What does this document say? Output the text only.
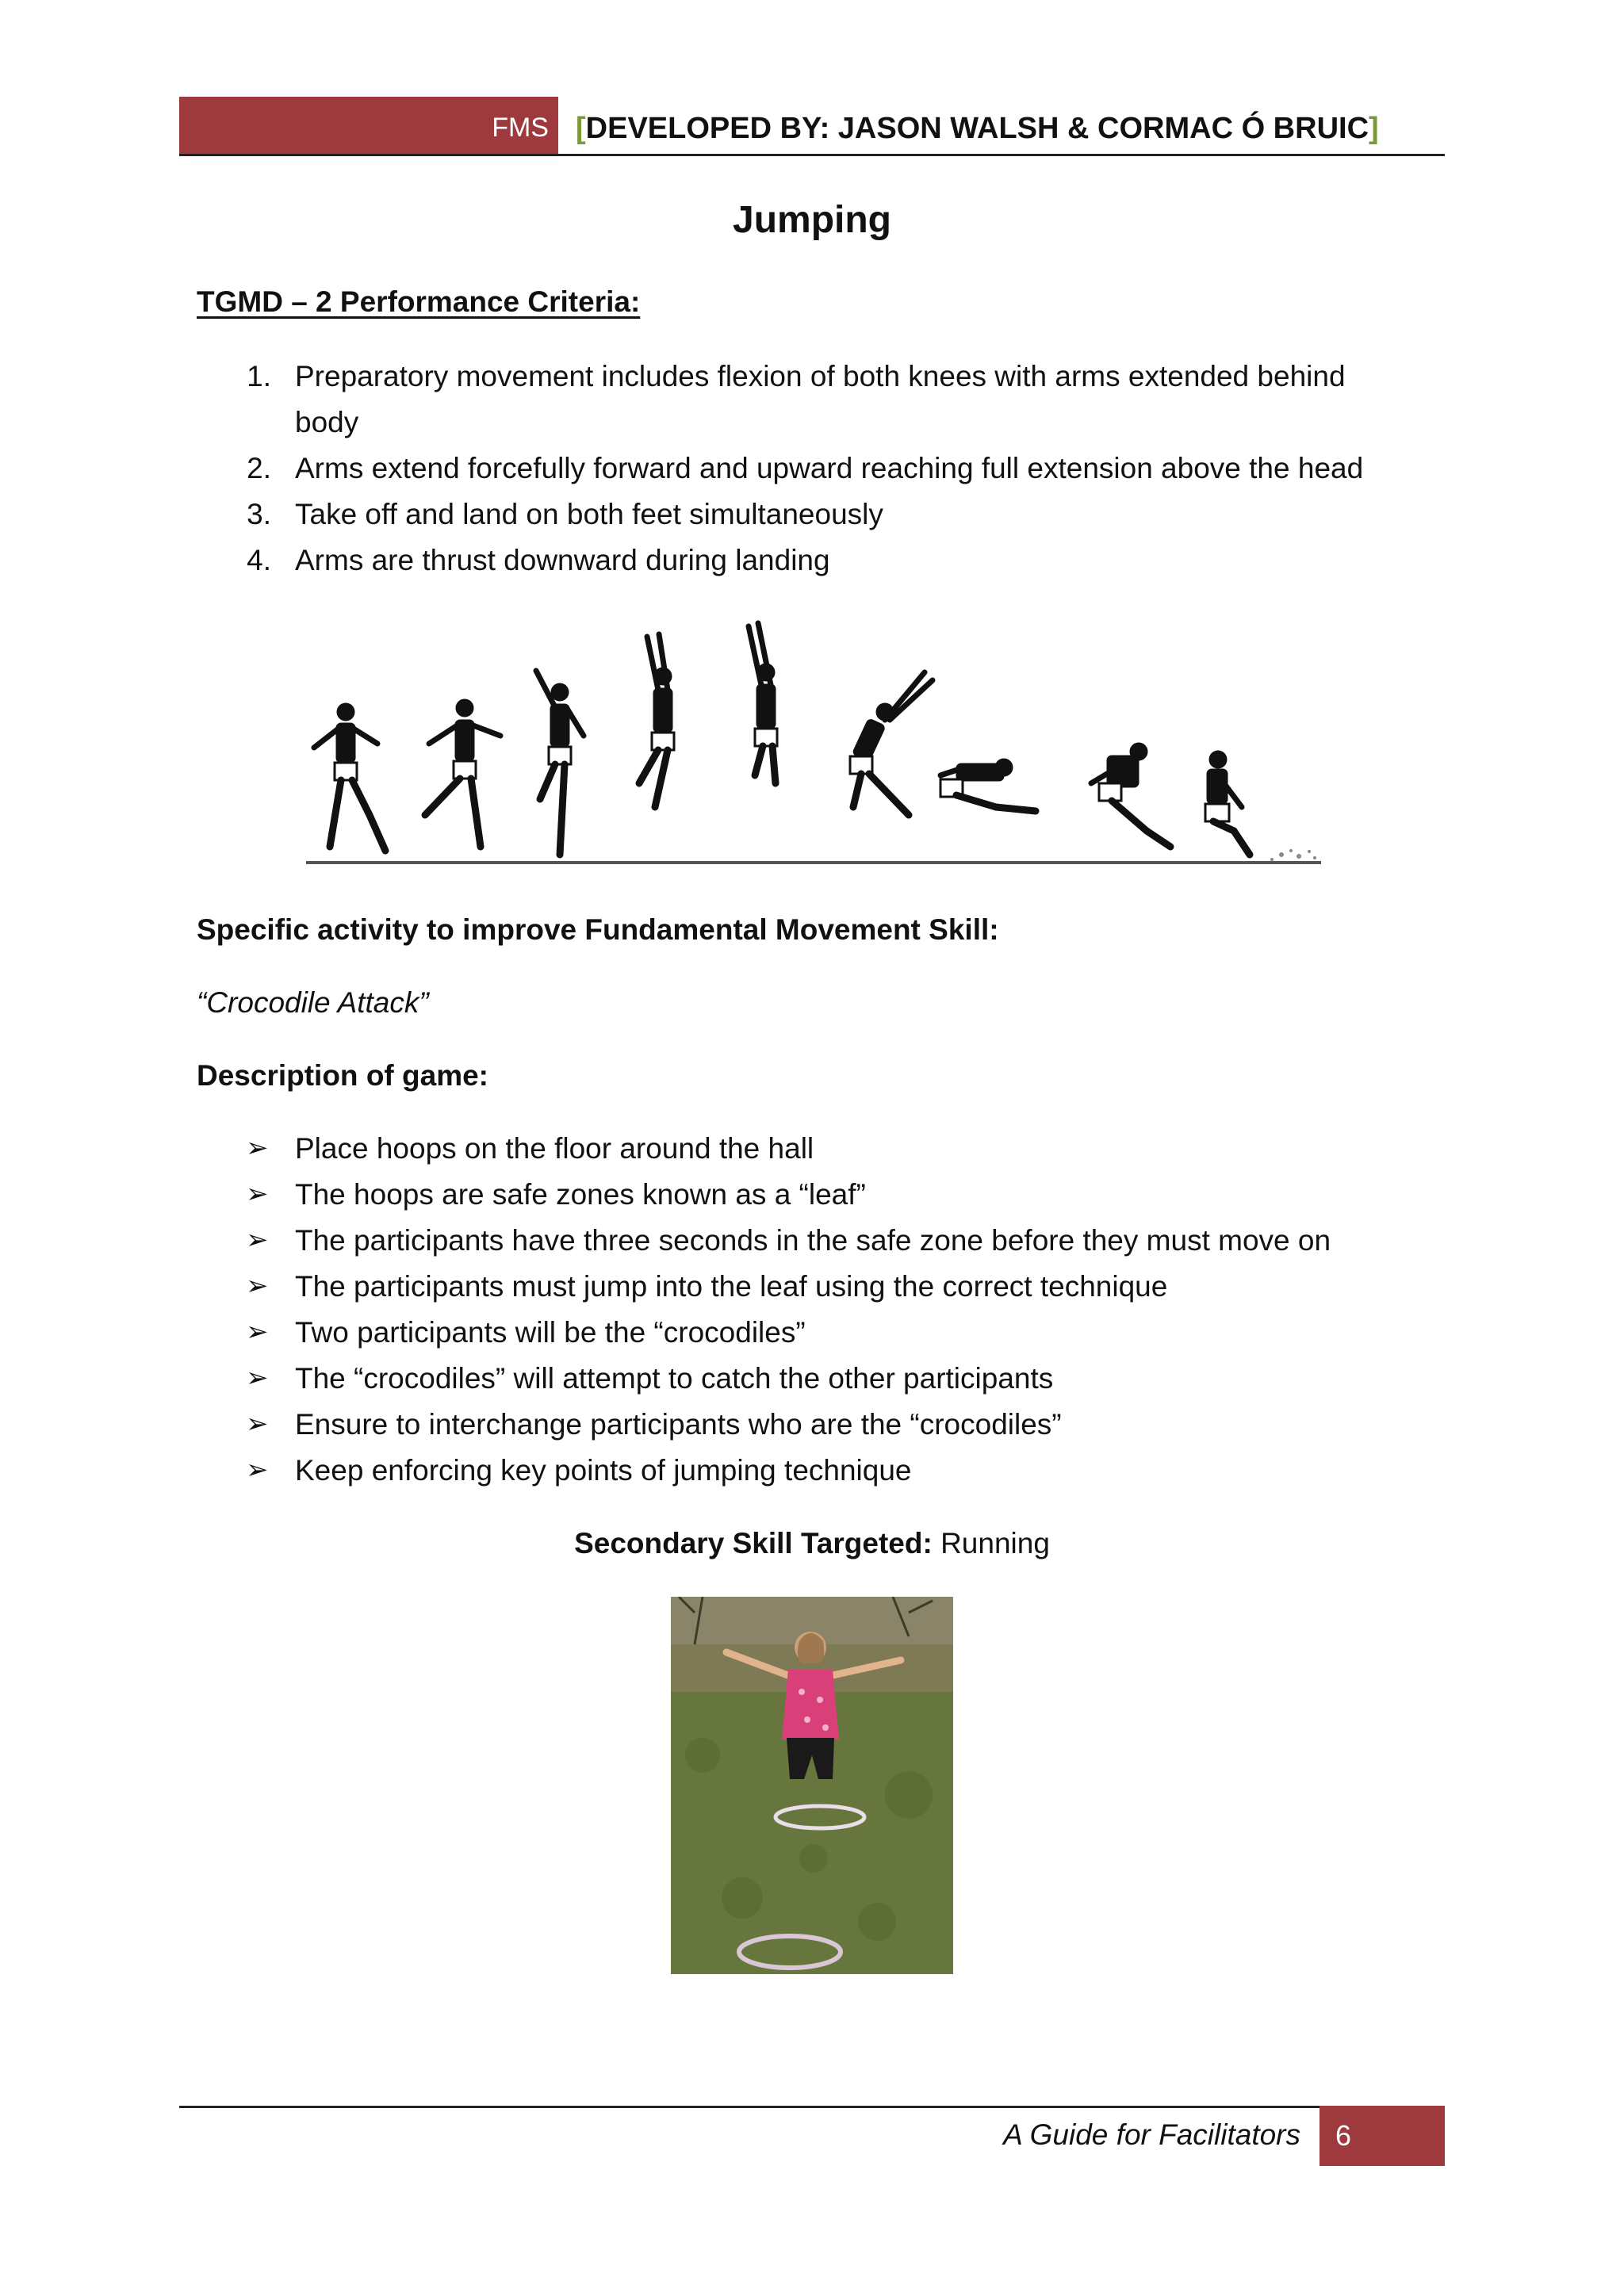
FMS [DEVELOPED BY: JASON WALSH & CORMAC Ó BRUIC]
Jumping
TGMD – 2 Performance Criteria:
1. Preparatory movement includes flexion of both knees with arms extended behind
body
2. Arms extend forcefully forward and upward reaching full extension above the head
3. Take off and land on both feet simultaneously
4. Arms are thrust downward during landing
Specific activity to improve Fundamental Movement Skill:
“Crocodile Attack”
Description of game:
➢ Place hoops on the floor around the hall
➢ The hoops are safe zones known as a “leaf”
➢ The participants have three seconds in the safe zone before they must move on
➢ The participants must jump into the leaf using the correct technique
➢ Two participants will be the “crocodiles”
➢ The “crocodiles” will attempt to catch the other participants
➢ Ensure to interchange participants who are the “crocodiles”
➢ Keep enforcing key points of jumping technique
Secondary Skill Targeted: Running
A Guide for Facilitators	6
